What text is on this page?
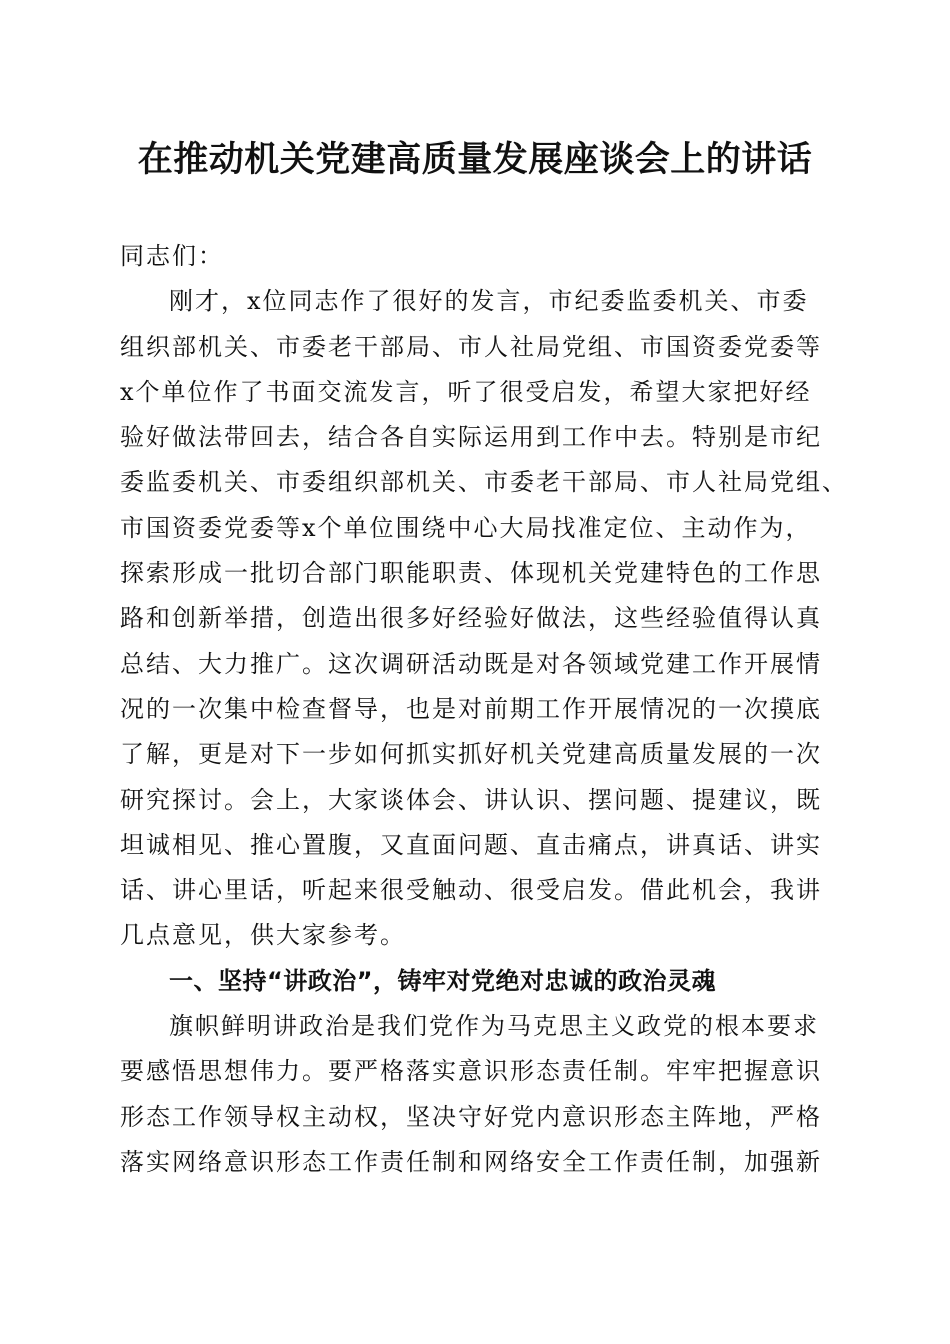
在推动机关党建高质量发展座谈会上的讲话
同志们：
刚才，x位同志作了很好的发言，市纪委监委机关、市委
组织部机关、市委老干部局、市人社局党组、市国资委党委等
x个单位作了书面交流发言，听了很受启发，希望大家把好经
验好做法带回去，结合各自实际运用到工作中去。特别是市纪
委监委机关、市委组织部机关、市委老干部局、市人社局党组、
市国资委党委等x个单位围绕中心大局找准定位、主动作为，
探索形成一批切合部门职能职责、体现机关党建特色的工作思
路和创新举措，创造出很多好经验好做法，这些经验值得认真
总结、大力推广。这次调研活动既是对各领域党建工作开展情
况的一次集中检查督导，也是对前期工作开展情况的一次摸底
了解，更是对下一步如何抓实抓好机关党建高质量发展的一次
研究探讨。会上，大家谈体会、讲认识、摆问题、提建议，既
坦诚相见、推心置腹，又直面问题、直击痛点，讲真话、讲实
话、讲心里话，听起来很受触动、很受启发。借此机会，我讲
几点意见，供大家参考。
一、坚持“讲政治”，铸牢对党绝对忠诚的政治灵魂
旗帜鲜明讲政治是我们党作为马克思主义政党的根本要求
要感悟思想伟力。要严格落实意识形态责任制。牢牢把握意识
形态工作领导权主动权，坚决守好党内意识形态主阵地，严格
落实网络意识形态工作责任制和网络安全工作责任制，加强新
